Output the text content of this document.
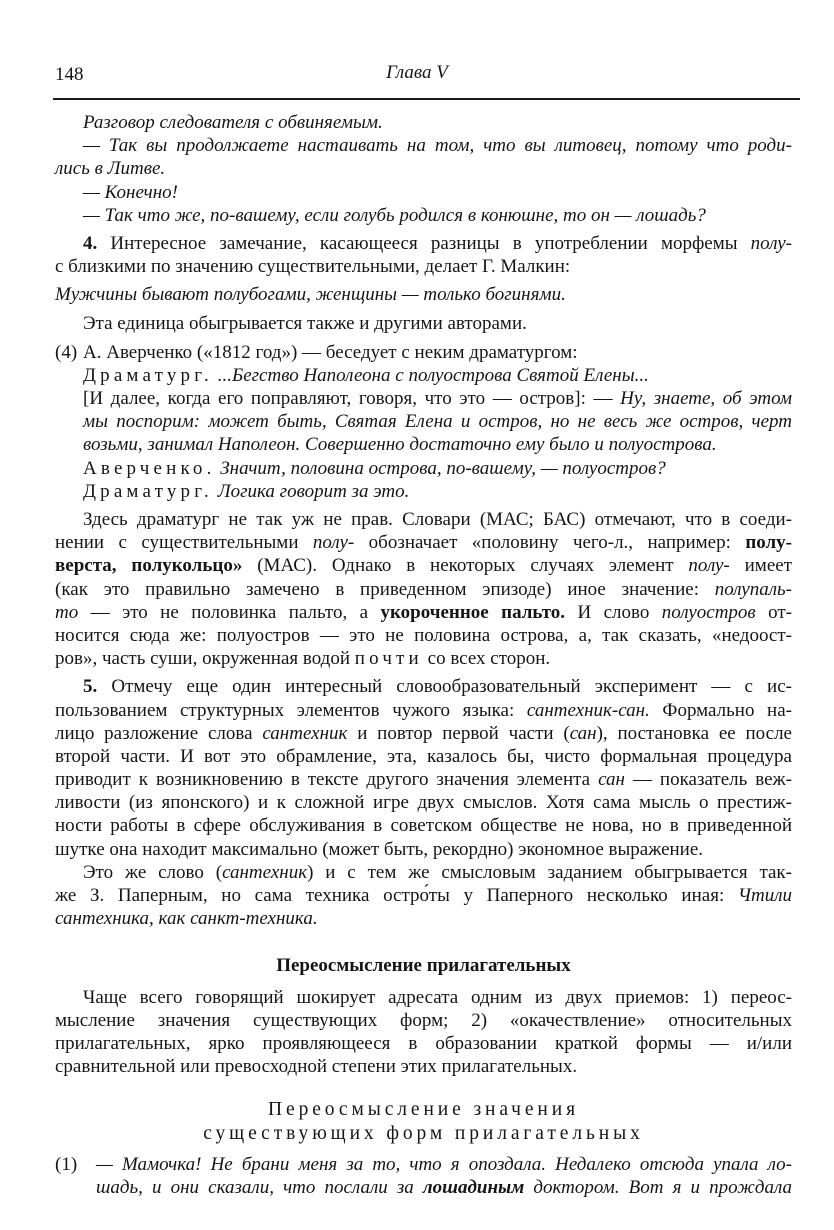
148	Глава V
Разговор следователя с обвиняемым.
— Так вы продолжаете настаивать на том, что вы литовец, потому что роди-
лись в Литве.
— Конечно!
— Так что же, по-вашему, если голубь родился в конюшне, то он — лошадь?
4. Интересное замечание, касающееся разницы в употреблении морфемы полу-
с близкими по значению существительными, делает Г. Малкин:
Мужчины бывают полубогами, женщины — только богинями.
Эта единица обыгрывается также и другими авторами.
(4) А. Аверченко («1812 год») — беседует с неким драматургом:
Драматург. ...Бегство Наполеона с полуострова Святой Елены...
[И далее, когда его поправляют, говоря, что это — остров]: — Ну, знаете, об этом
мы поспорим: может быть, Святая Елена и остров, но не весь же остров, черт
возьми, занимал Наполеон. Совершенно достаточно ему было и полуострова.
Аверченко. Значит, половина острова, по-вашему, — полуостров?
Драматург. Логика говорит за это.
Здесь драматург не так уж не прав. Словари (МАС; БАС) отмечают, что в соеди-
нении с существительными полу- обозначает «половину чего-л., например: полу-
верста, полукольцо» (МАС). Однако в некоторых случаях элемент полу- имеет
(как это правильно замечено в приведенном эпизоде) иное значение: полупаль-
то — это не половинка пальто, а укороченное пальто. И слово полуостров от-
носится сюда же: полуостров — это не половина острова, а, так сказать, «недоост-
ров», часть суши, окруженная водой почти со всех сторон.
5. Отмечу еще один интересный словообразовательный эксперимент — с ис-
пользованием структурных элементов чужого языка: сантехник-сан. Формально на-
лицо разложение слова сантехник и повтор первой части (сан), постановка ее после
второй части. И вот это обрамление, эта, казалось бы, чисто формальная процедура
приводит к возникновению в тексте другого значения элемента сан — показатель веж-
ливости (из японского) и к сложной игре двух смыслов. Хотя сама мысль о престиж-
ности работы в сфере обслуживания в советском обществе не нова, но в приведенной
шутке она находит максимально (может быть, рекордно) экономное выражение.
Это же слово (сантехник) и с тем же смысловым заданием обыгрывается так-
же З. Паперным, но сама техника остро́ты у Паперного несколько иная: Чтили
сантехника, как санкт-техника.
Переосмысление прилагательных
Чаще всего говорящий шокирует адресата одним из двух приемов: 1) переос-
мысление значения существующих форм; 2) «окачествление» относительных
прилагательных, ярко проявляющееся в образовании краткой формы — и/или
сравнительной или превосходной степени этих прилагательных.
Переосмысление значения
существующих форм прилагательных
(1) — Мамочка! Не брани меня за то, что я опоздала. Недалеко отсюда упала ло-
шадь, и они сказали, что послали за лошадиным доктором. Вот я и прождала
